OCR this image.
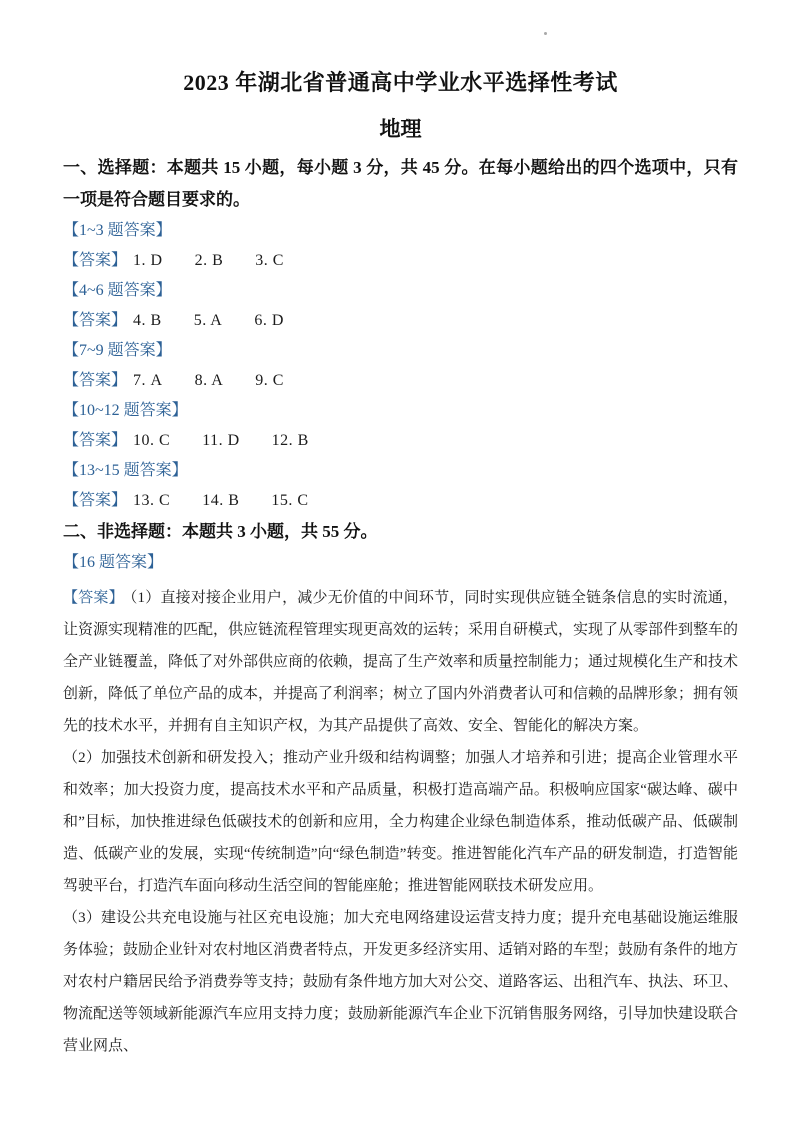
2023 年湖北省普通高中学业水平选择性考试
地理

一、选择题：本题共 15 小题，每小题 3 分，共 45 分。在每小题给出的四个选项中，只有一项是符合题目要求的。

【1~3 题答案】
【答案】 1. D 2. B 3. C
【4~6 题答案】
【答案】 4. B 5. A 6. D
【7~9 题答案】
【答案】 7. A 8. A 9. C
【10~12 题答案】
【答案】 10. C 11. D 12. B
【13~15 题答案】
【答案】 13. C 14. B 15. C

二、非选择题：本题共 3 小题，共 55 分。

【16 题答案】

【答案】 （1）直接对接企业用户，减少无价值的中间环节，同时实现供应链全链条信息的实时流通，让资源实现精准的匹配，供应链流程管理实现更高效的运转；采用自研模式，实现了从零部件到整车的全产业链覆盖，降低了对外部供应商的依赖，提高了生产效率和质量控制能力；通过规模化生产和技术创新，降低了单位产品的成本，并提高了利润率；树立了国内外消费者认可和信赖的品牌形象；拥有领先的技术水平，并拥有自主知识产权，为其产品提供了高效、安全、智能化的解决方案。

（2）加强技术创新和研发投入；推动产业升级和结构调整；加强人才培养和引进；提高企业管理水平和效率；加大投资力度，提高技术水平和产品质量，积极打造高端产品。积极响应国家“碳达峰、碳中和”目标，加快推进绿色低碳技术的创新和应用，全力构建企业绿色制造体系，推动低碳产品、低碳制造、低碳产业的发展，实现“传统制造”向“绿色制造”转变。推进智能化汽车产品的研发制造，打造智能驾驶平台，打造汽车面向移动生活空间的智能座舱；推进智能网联技术研发应用。

（3）建设公共充电设施与社区充电设施；加大充电网络建设运营支持力度；提升充电基础设施运维服务体验；鼓励企业针对农村地区消费者特点，开发更多经济实用、适销对路的车型；鼓励有条件的地方对农村户籍居民给予消费券等支持；鼓励有条件地方加大对公交、道路客运、出租汽车、执法、环卫、物流配送等领域新能源汽车应用支持力度；鼓励新能源汽车企业下沉销售服务网络，引导加快建设联合营业网点、
